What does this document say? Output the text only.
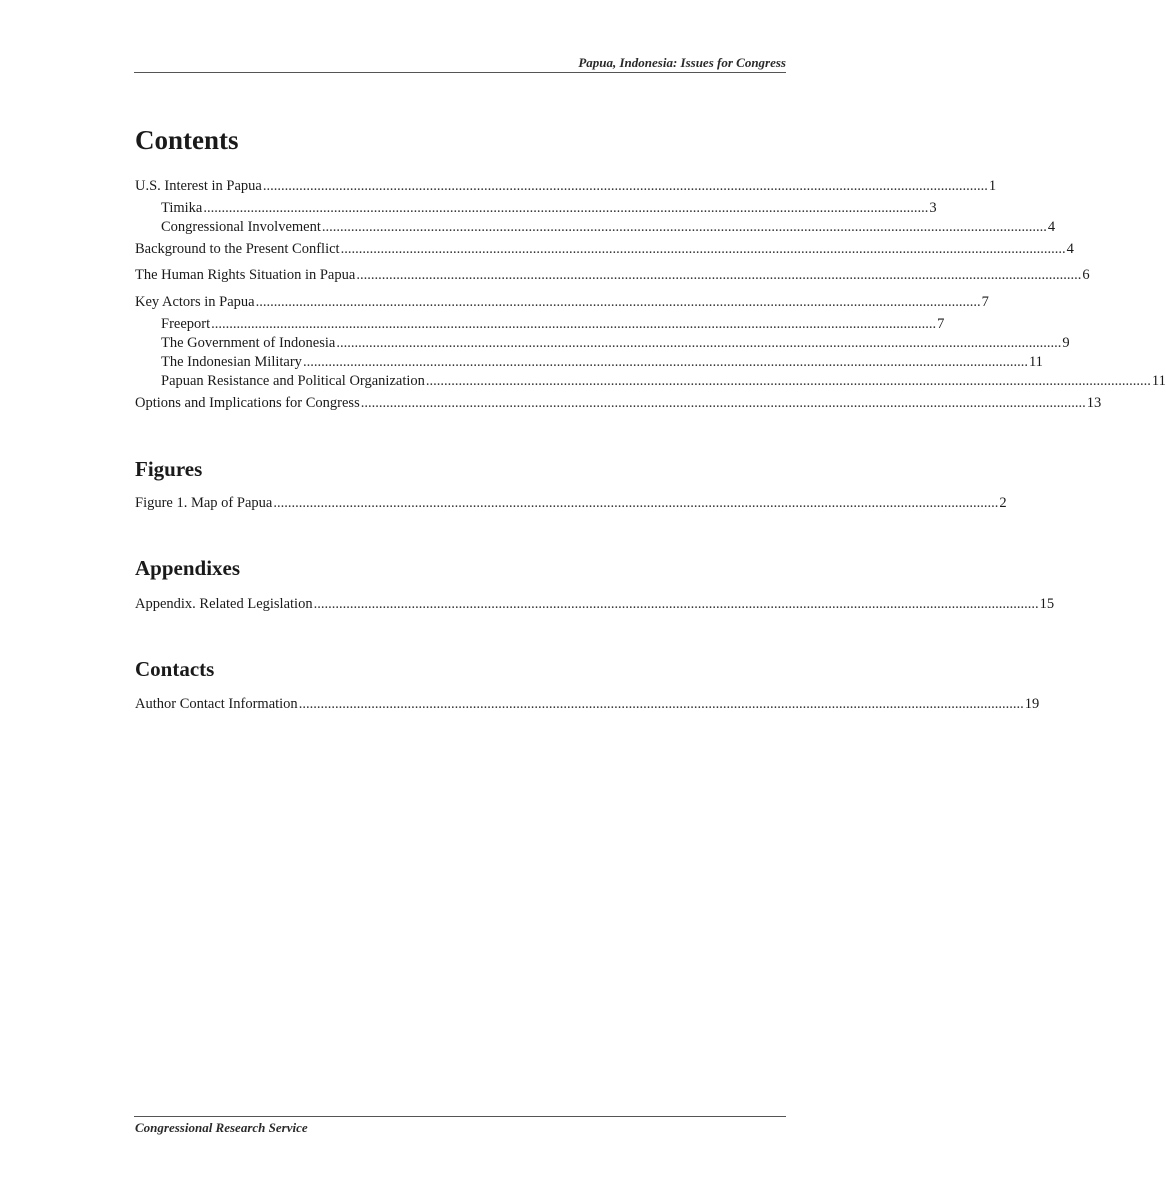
Papua, Indonesia: Issues for Congress
Contents
U.S. Interest in Papua ........................................................................................................................................................................................................ 1
Timika ........................................................................................................................................................................................................ 3
Congressional Involvement ........................................................................................................................................................................................................ 4
Background to the Present Conflict ........................................................................................................................................................................................................ 4
The Human Rights Situation in Papua ........................................................................................................................................................................................................ 6
Key Actors in Papua ........................................................................................................................................................................................................ 7
Freeport ........................................................................................................................................................................................................ 7
The Government of Indonesia ........................................................................................................................................................................................................ 9
The Indonesian Military ........................................................................................................................................................................................................ 11
Papuan Resistance and Political Organization ........................................................................................................................................................................................................ 11
Options and Implications for Congress ........................................................................................................................................................................................................ 13
Figures
Figure 1. Map of Papua ........................................................................................................................................................................................................ 2
Appendixes
Appendix. Related Legislation ........................................................................................................................................................................................................ 15
Contacts
Author Contact Information ........................................................................................................................................................................................................ 19
Congressional Research Service
